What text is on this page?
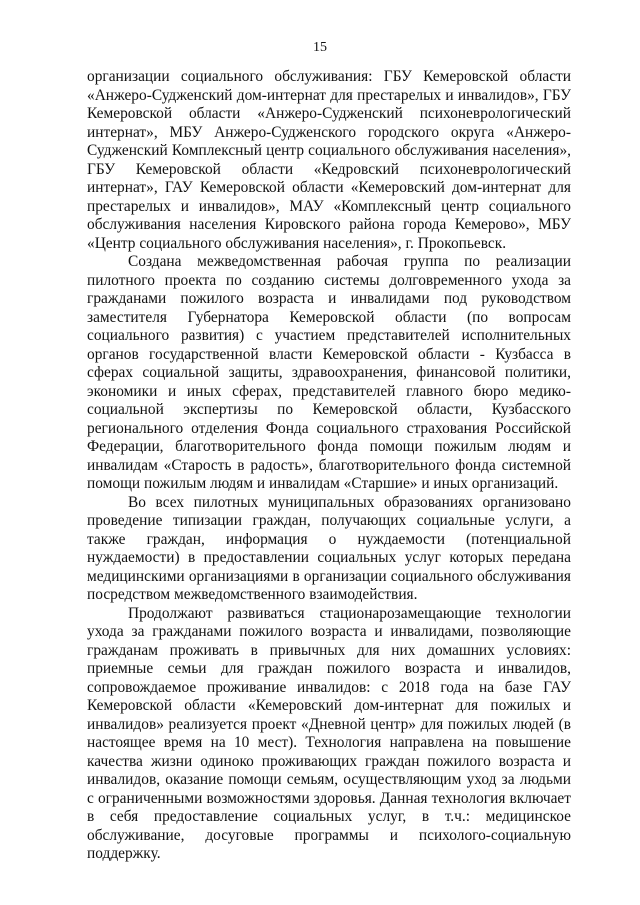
15

организации социального обслуживания: ГБУ Кемеровской области «Анжеро-Судженский дом-интернат для престарелых и инвалидов», ГБУ Кемеровской области «Анжеро-Судженский психоневрологический интернат», МБУ Анжеро-Судженского городского округа «Анжеро-Судженский Комплексный центр социального обслуживания населения», ГБУ Кемеровской области «Кедровский психоневрологический интернат», ГАУ Кемеровской области «Кемеровский дом-интернат для престарелых и инвалидов», МАУ «Комплексный центр социального обслуживания населения Кировского района города Кемерово», МБУ «Центр социального обслуживания населения», г. Прокопьевск.

Создана межведомственная рабочая группа по реализации пилотного проекта по созданию системы долговременного ухода за гражданами пожилого возраста и инвалидами под руководством заместителя Губернатора Кемеровской области (по вопросам социального развития) с участием представителей исполнительных органов государственной власти Кемеровской области - Кузбасса в сферах социальной защиты, здравоохранения, финансовой политики, экономики и иных сферах, представителей главного бюро медико-социальной экспертизы по Кемеровской области, Кузбасского регионального отделения Фонда социального страхования Российской Федерации, благотворительного фонда помощи пожилым людям и инвалидам «Старость в радость», благотворительного фонда системной помощи пожилым людям и инвалидам «Старшие» и иных организаций.

Во всех пилотных муниципальных образованиях организовано проведение типизации граждан, получающих социальные услуги, а также граждан, информация о нуждаемости (потенциальной нуждаемости) в предоставлении социальных услуг которых передана медицинскими организациями в организации социального обслуживания посредством межведомственного взаимодействия.

Продолжают развиваться стационарозамещающие технологии ухода за гражданами пожилого возраста и инвалидами, позволяющие гражданам проживать в привычных для них домашних условиях: приемные семьи для граждан пожилого возраста и инвалидов, сопровождаемое проживание инвалидов: с 2018 года на базе ГАУ Кемеровской области «Кемеровский дом-интернат для пожилых и инвалидов» реализуется проект «Дневной центр» для пожилых людей (в настоящее время на 10 мест). Технология направлена на повышение качества жизни одиноко проживающих граждан пожилого возраста и инвалидов, оказание помощи семьям, осуществляющим уход за людьми с ограниченными возможностями здоровья. Данная технология включает в себя предоставление социальных услуг, в т.ч.: медицинское обслуживание, досуговые программы и психолого-социальную поддержку.
